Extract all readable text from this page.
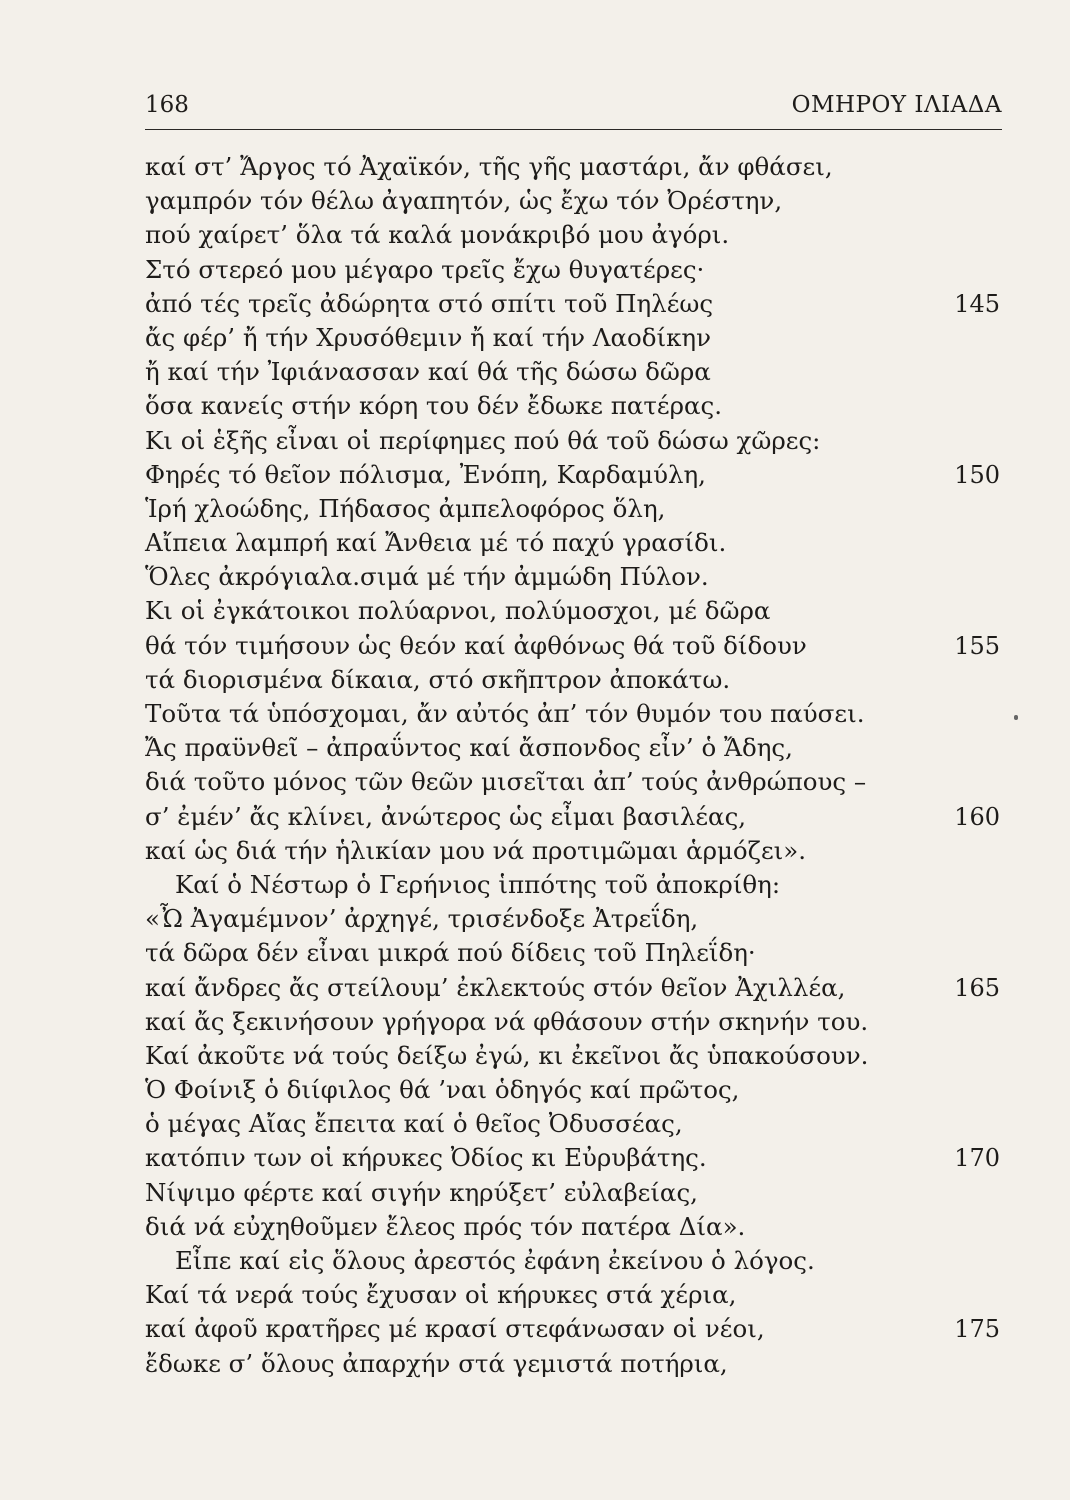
168	ΟΜΗΡΟΥ ΙΛΙΑΔΑ
καί στ’ Ἄργος τό Ἀχαϊκόν, τῆς γῆς μαστάρι, ἄν φθάσει,
γαμπρόν τόν θέλω ἀγαπητόν, ὡς ἔχω τόν Ὀρέστην,
πού χαίρετ’ ὅλα τά καλά μονάκριβό μου ἀγόρι.
Στό στερεό μου μέγαρο τρεῖς ἔχω θυγατέρες·
ἀπό τές τρεῖς ἀδώρητα στό σπίτι τοῦ Πηλέως	145
ἄς φέρ’ ἤ τήν Χρυσόθεμιν ἤ καί τήν Λαοδίκην
ἤ καί τήν Ἰφιάνασσαν καί θά τῆς δώσω δῶρα
ὅσα κανείς στήν κόρη του δέν ἔδωκε πατέρας.
Κι οἱ ἑξῆς εἶναι οἱ περίφημες πού θά τοῦ δώσω χῶρες:
Φηρές τό θεῖον πόλισμα, Ἐνόπη, Καρδαμύλη,	150
Ἱρή χλοώδης, Πήδασος ἀμπελοφόρος ὅλη,
Αἴπεια λαμπρή καί Ἄνθεια μέ τό παχύ γρασίδι.
Ὅλες ἀκρόγιαλα.σιμά μέ τήν ἀμμώδη Πύλον.
Κι οἱ ἐγκάτοικοι πολύαρνοι, πολύμοσχοι, μέ δῶρα
θά τόν τιμήσουν ὡς θεόν καί ἀφθόνως θά τοῦ δίδουν	155
τά διορισμένα δίκαια, στό σκῆπτρον ἀποκάτω.
Τοῦτα τά ὑπόσχομαι, ἄν αὐτός ἀπ’ τόν θυμόν του παύσει.
Ἄς πραϋνθεῖ – ἀπραΰντος καί ἄσπονδος εἶν’ ὁ Ἄδης,
διά τοῦτο μόνος τῶν θεῶν μισεῖται ἀπ’ τούς ἀνθρώπους –
σ’ ἐμέν’ ἄς κλίνει, ἀνώτερος ὡς εἶμαι βασιλέας,	160
καί ὡς διά τήν ἡλικίαν μου νά προτιμῶμαι ἁρμόζει».
Καί ὁ Νέστωρ ὁ Γερήνιος ἱππότης τοῦ ἀποκρίθη:
«Ὦ Ἀγαμέμνον’ ἀρχηγέ, τρισένδοξε Ἀτρεΐδη,
τά δῶρα δέν εἶναι μικρά πού δίδεις τοῦ Πηλεΐδη·
καί ἄνδρες ἄς στείλουμ’ ἐκλεκτούς στόν θεῖον Ἀχιλλέα,	165
καί ἄς ξεκινήσουν γρήγορα νά φθάσουν στήν σκηνήν του.
Καί ἀκοῦτε νά τούς δείξω ἐγώ, κι ἐκεῖνοι ἄς ὑπακούσουν.
Ὁ Φοίνιξ ὁ διίφιλος θά ’ναι ὁδηγός καί πρῶτος,
ὁ μέγας Αἴας ἔπειτα καί ὁ θεῖος Ὀδυσσέας,
κατόπιν των οἱ κήρυκες Ὀδίος κι Εὐρυβάτης.	170
Νίψιμο φέρτε καί σιγήν κηρύξετ’ εὐλαβείας,
διά νά εὐχηθοῦμεν ἔλεος πρός τόν πατέρα Δία».
Εἶπε καί εἰς ὅλους ἀρεστός ἐφάνη ἐκείνου ὁ λόγος.
Καί τά νερά τούς ἔχυσαν οἱ κήρυκες στά χέρια,
καί ἀφοῦ κρατῆρες μέ κρασί στεφάνωσαν οἱ νέοι,	175
ἔδωκε σ’ ὅλους ἀπαρχήν στά γεμιστά ποτήρια,
